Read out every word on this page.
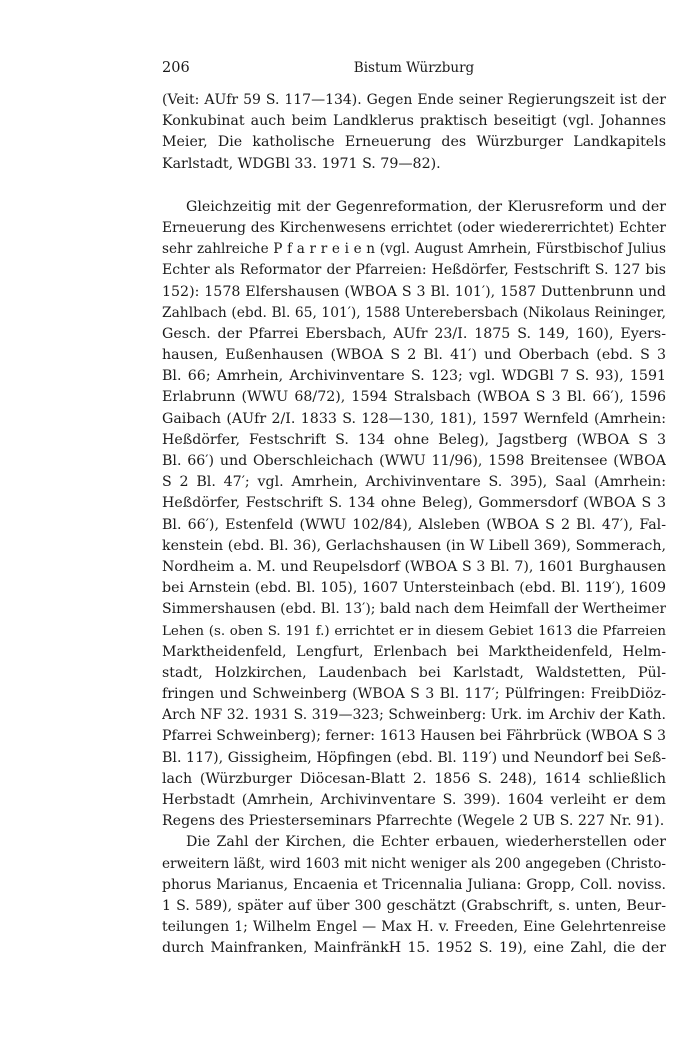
206	Bistum Würzburg
(Veit: AUfr 59 S. 117—134). Gegen Ende seiner Regierungszeit ist der
Konkubinat auch beim Landklerus praktisch beseitigt (vgl. Johannes
Meier, Die katholische Erneuerung des Würzburger Landkapitels
Karlstadt, WDGBl 33. 1971 S. 79—82).
Gleichzeitig mit der Gegenreformation, der Klerusreform und der
Erneuerung des Kirchenwesens errichtet (oder wiedererrichtet) Echter
sehr zahlreiche P f a r r e i e n (vgl. August Amrhein, Fürstbischof Julius
Echter als Reformator der Pfarreien: Heßdörfer, Festschrift S. 127 bis
152): 1578 Elfershausen (WBOA S 3 Bl. 101′), 1587 Duttenbrunn und
Zahlbach (ebd. Bl. 65, 101′), 1588 Unterebersbach (Nikolaus Reininger,
Gesch. der Pfarrei Ebersbach, AUfr 23/I. 1875 S. 149, 160), Eyers-
hausen, Eußenhausen (WBOA S 2 Bl. 41′) und Oberbach (ebd. S 3
Bl. 66; Amrhein, Archivinventare S. 123; vgl. WDGBl 7 S. 93), 1591
Erlabrunn (WWU 68/72), 1594 Stralsbach (WBOA S 3 Bl. 66′), 1596
Gaibach (AUfr 2/I. 1833 S. 128—130, 181), 1597 Wernfeld (Amrhein:
Heßdörfer, Festschrift S. 134 ohne Beleg), Jagstberg (WBOA S 3
Bl. 66′) und Oberschleichach (WWU 11/96), 1598 Breitensee (WBOA
S 2 Bl. 47′; vgl. Amrhein, Archivinventare S. 395), Saal (Amrhein:
Heßdörfer, Festschrift S. 134 ohne Beleg), Gommersdorf (WBOA S 3
Bl. 66′), Estenfeld (WWU 102/84), Alsleben (WBOA S 2 Bl. 47′), Fal-
kenstein (ebd. Bl. 36), Gerlachshausen (in W Libell 369), Sommerach,
Nordheim a. M. und Reupelsdorf (WBOA S 3 Bl. 7), 1601 Burghausen
bei Arnstein (ebd. Bl. 105), 1607 Untersteinbach (ebd. Bl. 119′), 1609
Simmershausen (ebd. Bl. 13′); bald nach dem Heimfall der Wertheimer
Lehen (s. oben S. 191 f.) errichtet er in diesem Gebiet 1613 die Pfarreien
Marktheidenfeld, Lengfurt, Erlenbach bei Marktheidenfeld, Helm-
stadt, Holzkirchen, Laudenbach bei Karlstadt, Waldstetten, Pül-
fringen und Schweinberg (WBOA S 3 Bl. 117′; Pülfringen: FreibDiöz-
Arch NF 32. 1931 S. 319—323; Schweinberg: Urk. im Archiv der Kath.
Pfarrei Schweinberg); ferner: 1613 Hausen bei Fährbrück (WBOA S 3
Bl. 117), Gissigheim, Höpfingen (ebd. Bl. 119′) und Neundorf bei Seß-
lach (Würzburger Diöcesan-Blatt 2. 1856 S. 248), 1614 schließlich
Herbstadt (Amrhein, Archivinventare S. 399). 1604 verleiht er dem
Regens des Priesterseminars Pfarrechte (Wegele 2 UB S. 227 Nr. 91).
Die Zahl der Kirchen, die Echter erbauen, wiederherstellen oder
erweitern läßt, wird 1603 mit nicht weniger als 200 angegeben (Christo-
phorus Marianus, Encaenia et Tricennalia Juliana: Gropp, Coll. noviss.
1 S. 589), später auf über 300 geschätzt (Grabschrift, s. unten, Beur-
teilungen 1; Wilhelm Engel — Max H. v. Freeden, Eine Gelehrtenreise
durch Mainfranken, MainfränkH 15. 1952 S. 19), eine Zahl, die der
